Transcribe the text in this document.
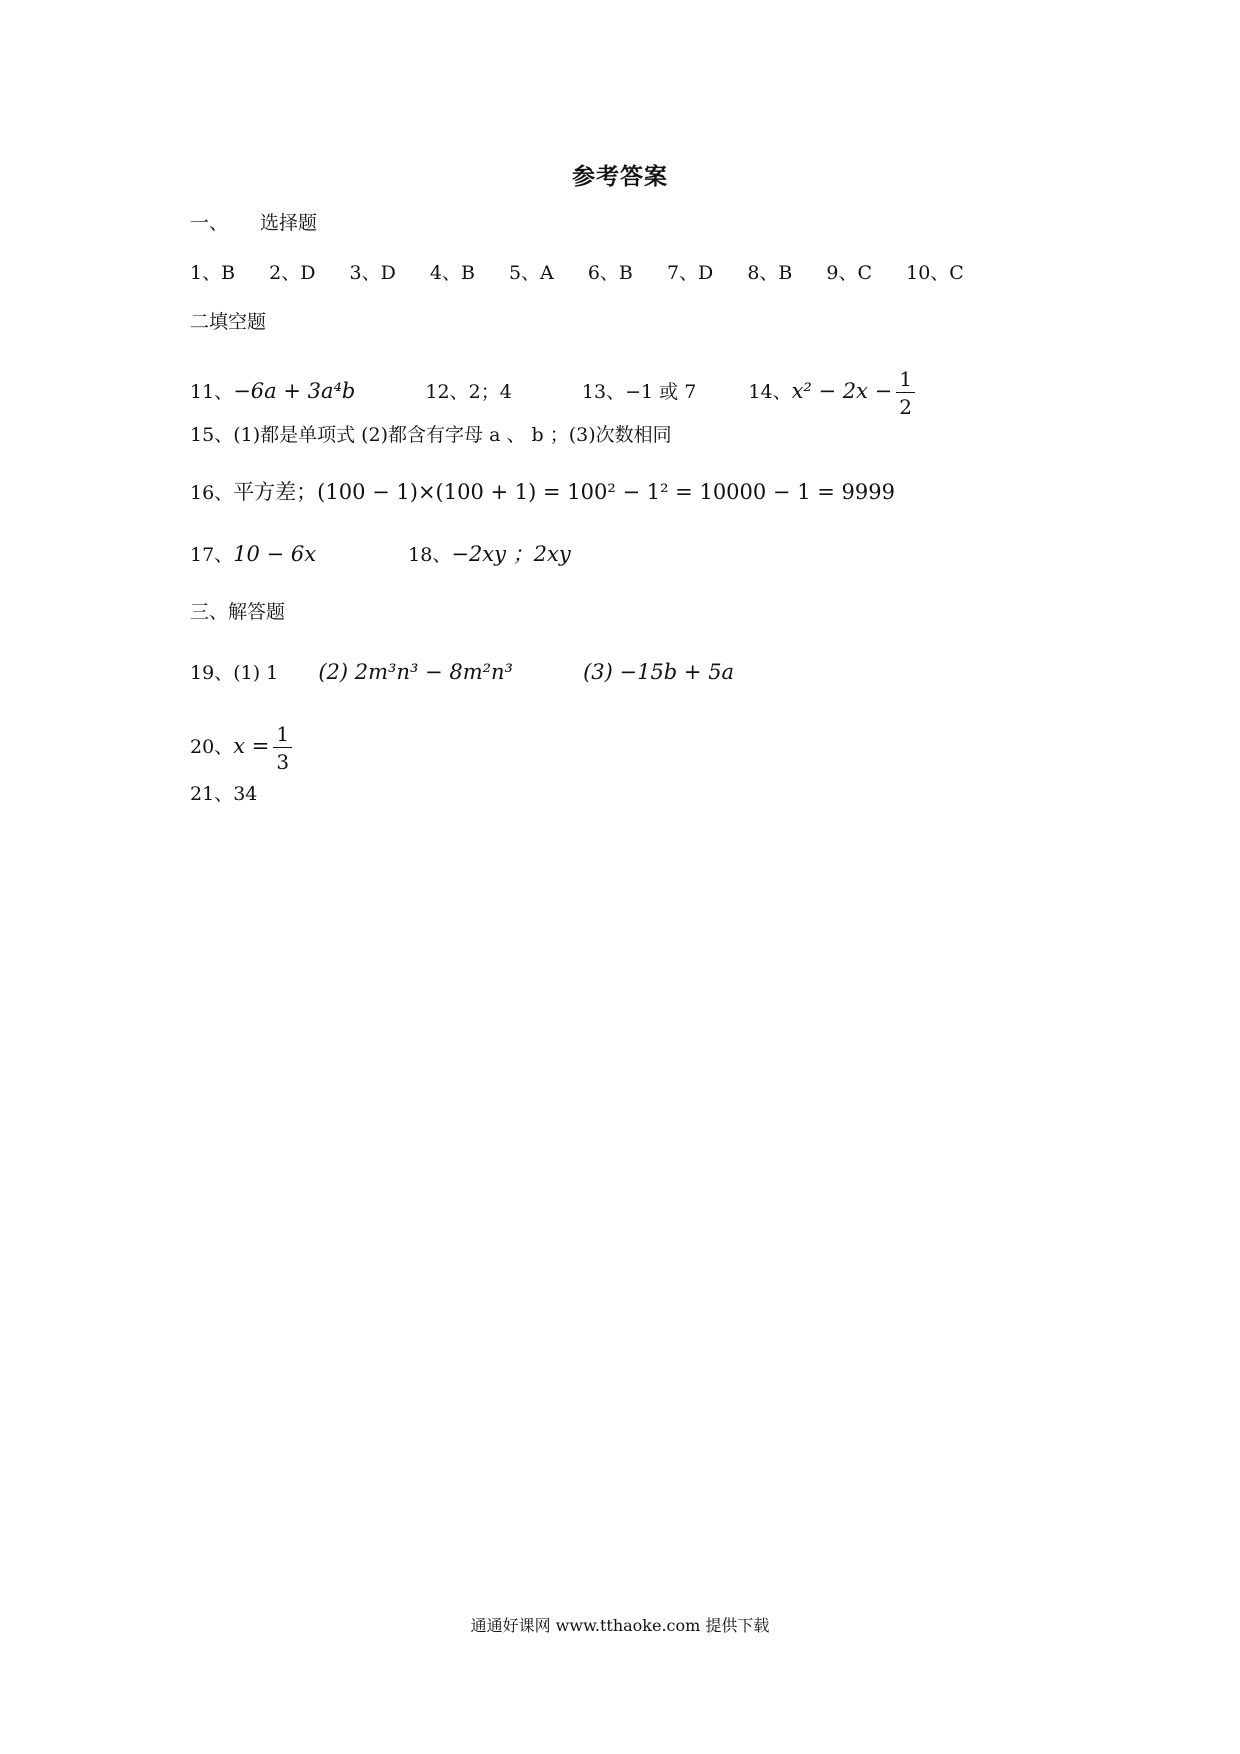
参考答案
一、 选择题
1、B 2、D 3、D 4、B 5、A 6、B 7、D 8、B 9、C 10、C
二填空题
11、−6a + 3a⁴b	12、2；4	13、−1 或 7	14、$x^2 - 2x - \frac{1}{2}$
15、(1)都是单项式 (2)都含有字母 a 、 b ；(3)次数相同
16、平方差；(100 − 1)×(100 + 1) = 100² − 1² = 10000 − 1 = 9999
17、10 − 6x	18、−2xy ；2xy
三、解答题
19、(1) 1 (2) 2m³n³ − 8m²n³	(3) −15b + 5a
20、$x = \frac{1}{3}$
21、34
通通好课网 www.tthaoke.com 提供下载
